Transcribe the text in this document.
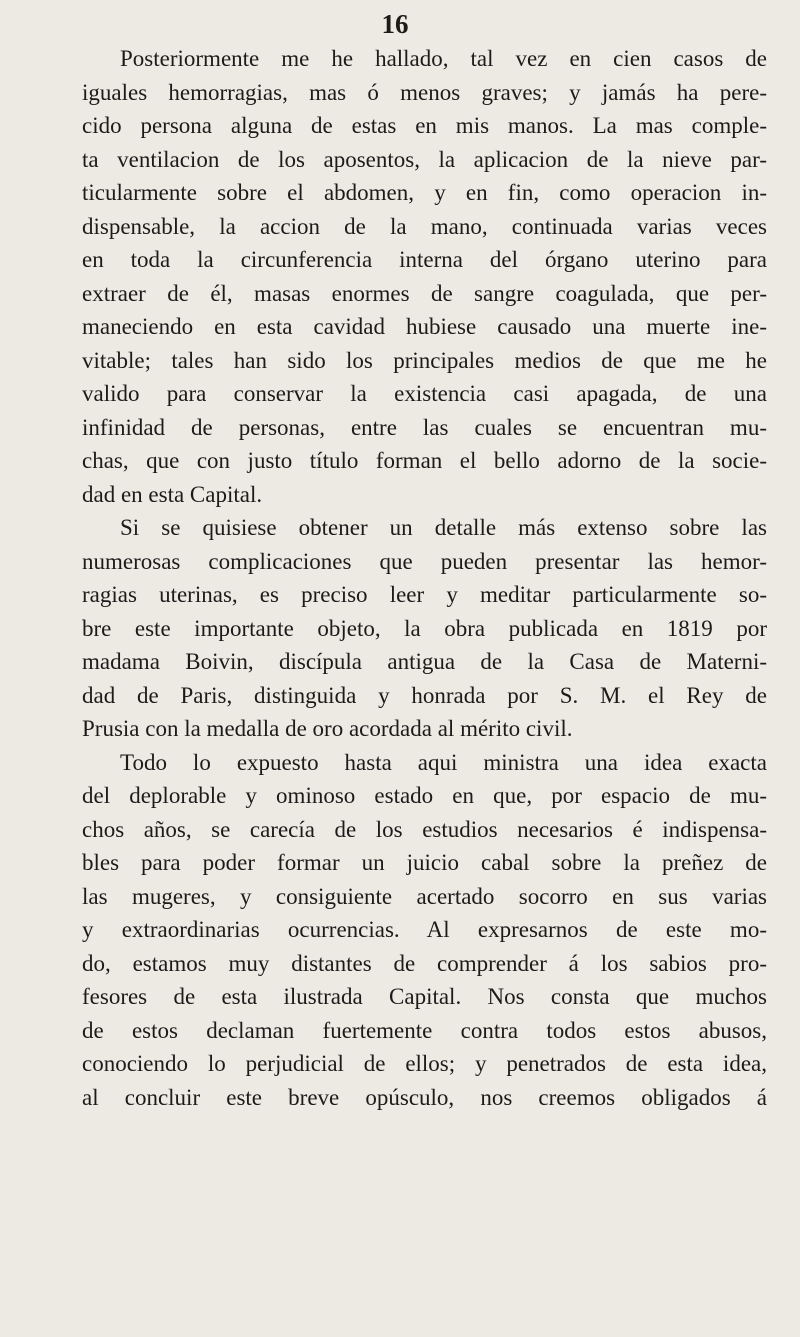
16
Posteriormente me he hallado, tal vez en cien casos de
iguales hemorragias, mas ó menos graves; y jamás ha pere-
cido persona alguna de estas en mis manos. La mas comple-
ta ventilacion de los aposentos, la aplicacion de la nieve par-
ticularmente sobre el abdomen, y en fin, como operacion in-
dispensable, la accion de la mano, continuada varias veces
en toda la circunferencia interna del órgano uterino para
extraer de él, masas enormes de sangre coagulada, que per-
maneciendo en esta cavidad hubiese causado una muerte ine-
vitable; tales han sido los principales medios de que me he
valido para conservar la existencia casi apagada, de una
infinidad de personas, entre las cuales se encuentran mu-
chas, que con justo título forman el bello adorno de la socie-
dad en esta Capital.
Si se quisiese obtener un detalle más extenso sobre las
numerosas complicaciones que pueden presentar las hemor-
ragias uterinas, es preciso leer y meditar particularmente so-
bre este importante objeto, la obra publicada en 1819 por
madama Boivin, discípula antigua de la Casa de Materni-
dad de Paris, distinguida y honrada por S. M. el Rey de
Prusia con la medalla de oro acordada al mérito civil.
Todo lo expuesto hasta aqui ministra una idea exacta
del deplorable y ominoso estado en que, por espacio de mu-
chos años, se carecía de los estudios necesarios é indispensa-
bles para poder formar un juicio cabal sobre la preñez de
las mugeres, y consiguiente acertado socorro en sus varias
y extraordinarias ocurrencias. Al expresarnos de este mo-
do, estamos muy distantes de comprender á los sabios pro-
fesores de esta ilustrada Capital. Nos consta que muchos
de estos declaman fuertemente contra todos estos abusos,
conociendo lo perjudicial de ellos; y penetrados de esta idea,
al concluir este breve opúsculo, nos creemos obligados á
